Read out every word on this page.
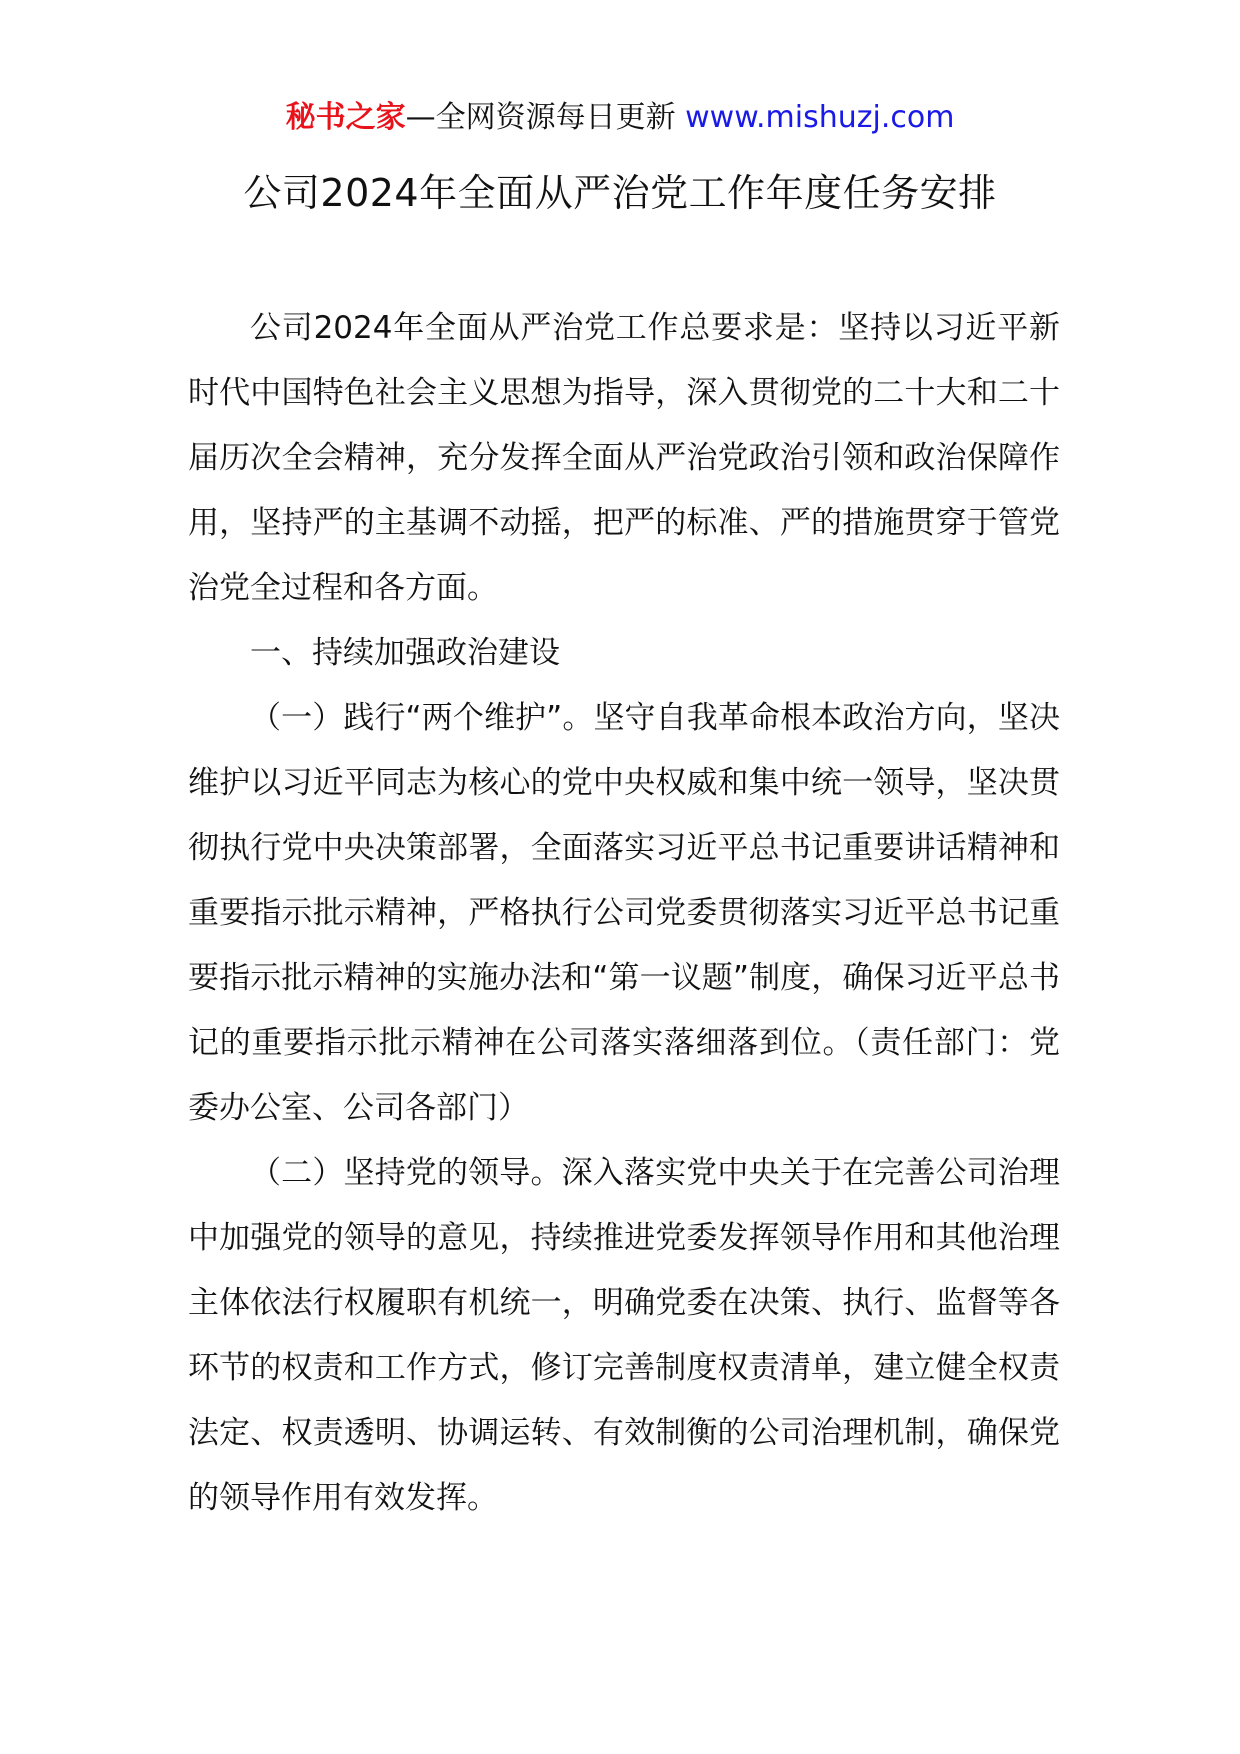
秘书之家—全网资源每日更新 www.mishuzj.com
公司2024年全面从严治党工作年度任务安排

公司2024年全面从严治党工作总要求是：坚持以习近平新时代中国特色社会主义思想为指导，深入贯彻党的二十大和二十届历次全会精神，充分发挥全面从严治党政治引领和政治保障作用，坚持严的主基调不动摇，把严的标准、严的措施贯穿于管党治党全过程和各方面。

一、持续加强政治建设

（一）践行“两个维护”。坚守自我革命根本政治方向，坚决维护以习近平同志为核心的党中央权威和集中统一领导，坚决贯彻执行党中央决策部署，全面落实习近平总书记重要讲话精神和重要指示批示精神，严格执行公司党委贯彻落实习近平总书记重要指示批示精神的实施办法和“第一议题”制度，确保习近平总书记的重要指示批示精神在公司落实落细落到位。（责任部门：党委办公室、公司各部门）

（二）坚持党的领导。深入落实党中央关于在完善公司治理中加强党的领导的意见，持续推进党委发挥领导作用和其他治理主体依法行权履职有机统一，明确党委在决策、执行、监督等各环节的权责和工作方式，修订完善制度权责清单，建立健全权责法定、权责透明、协调运转、有效制衡的公司治理机制，确保党的领导作用有效发挥。
